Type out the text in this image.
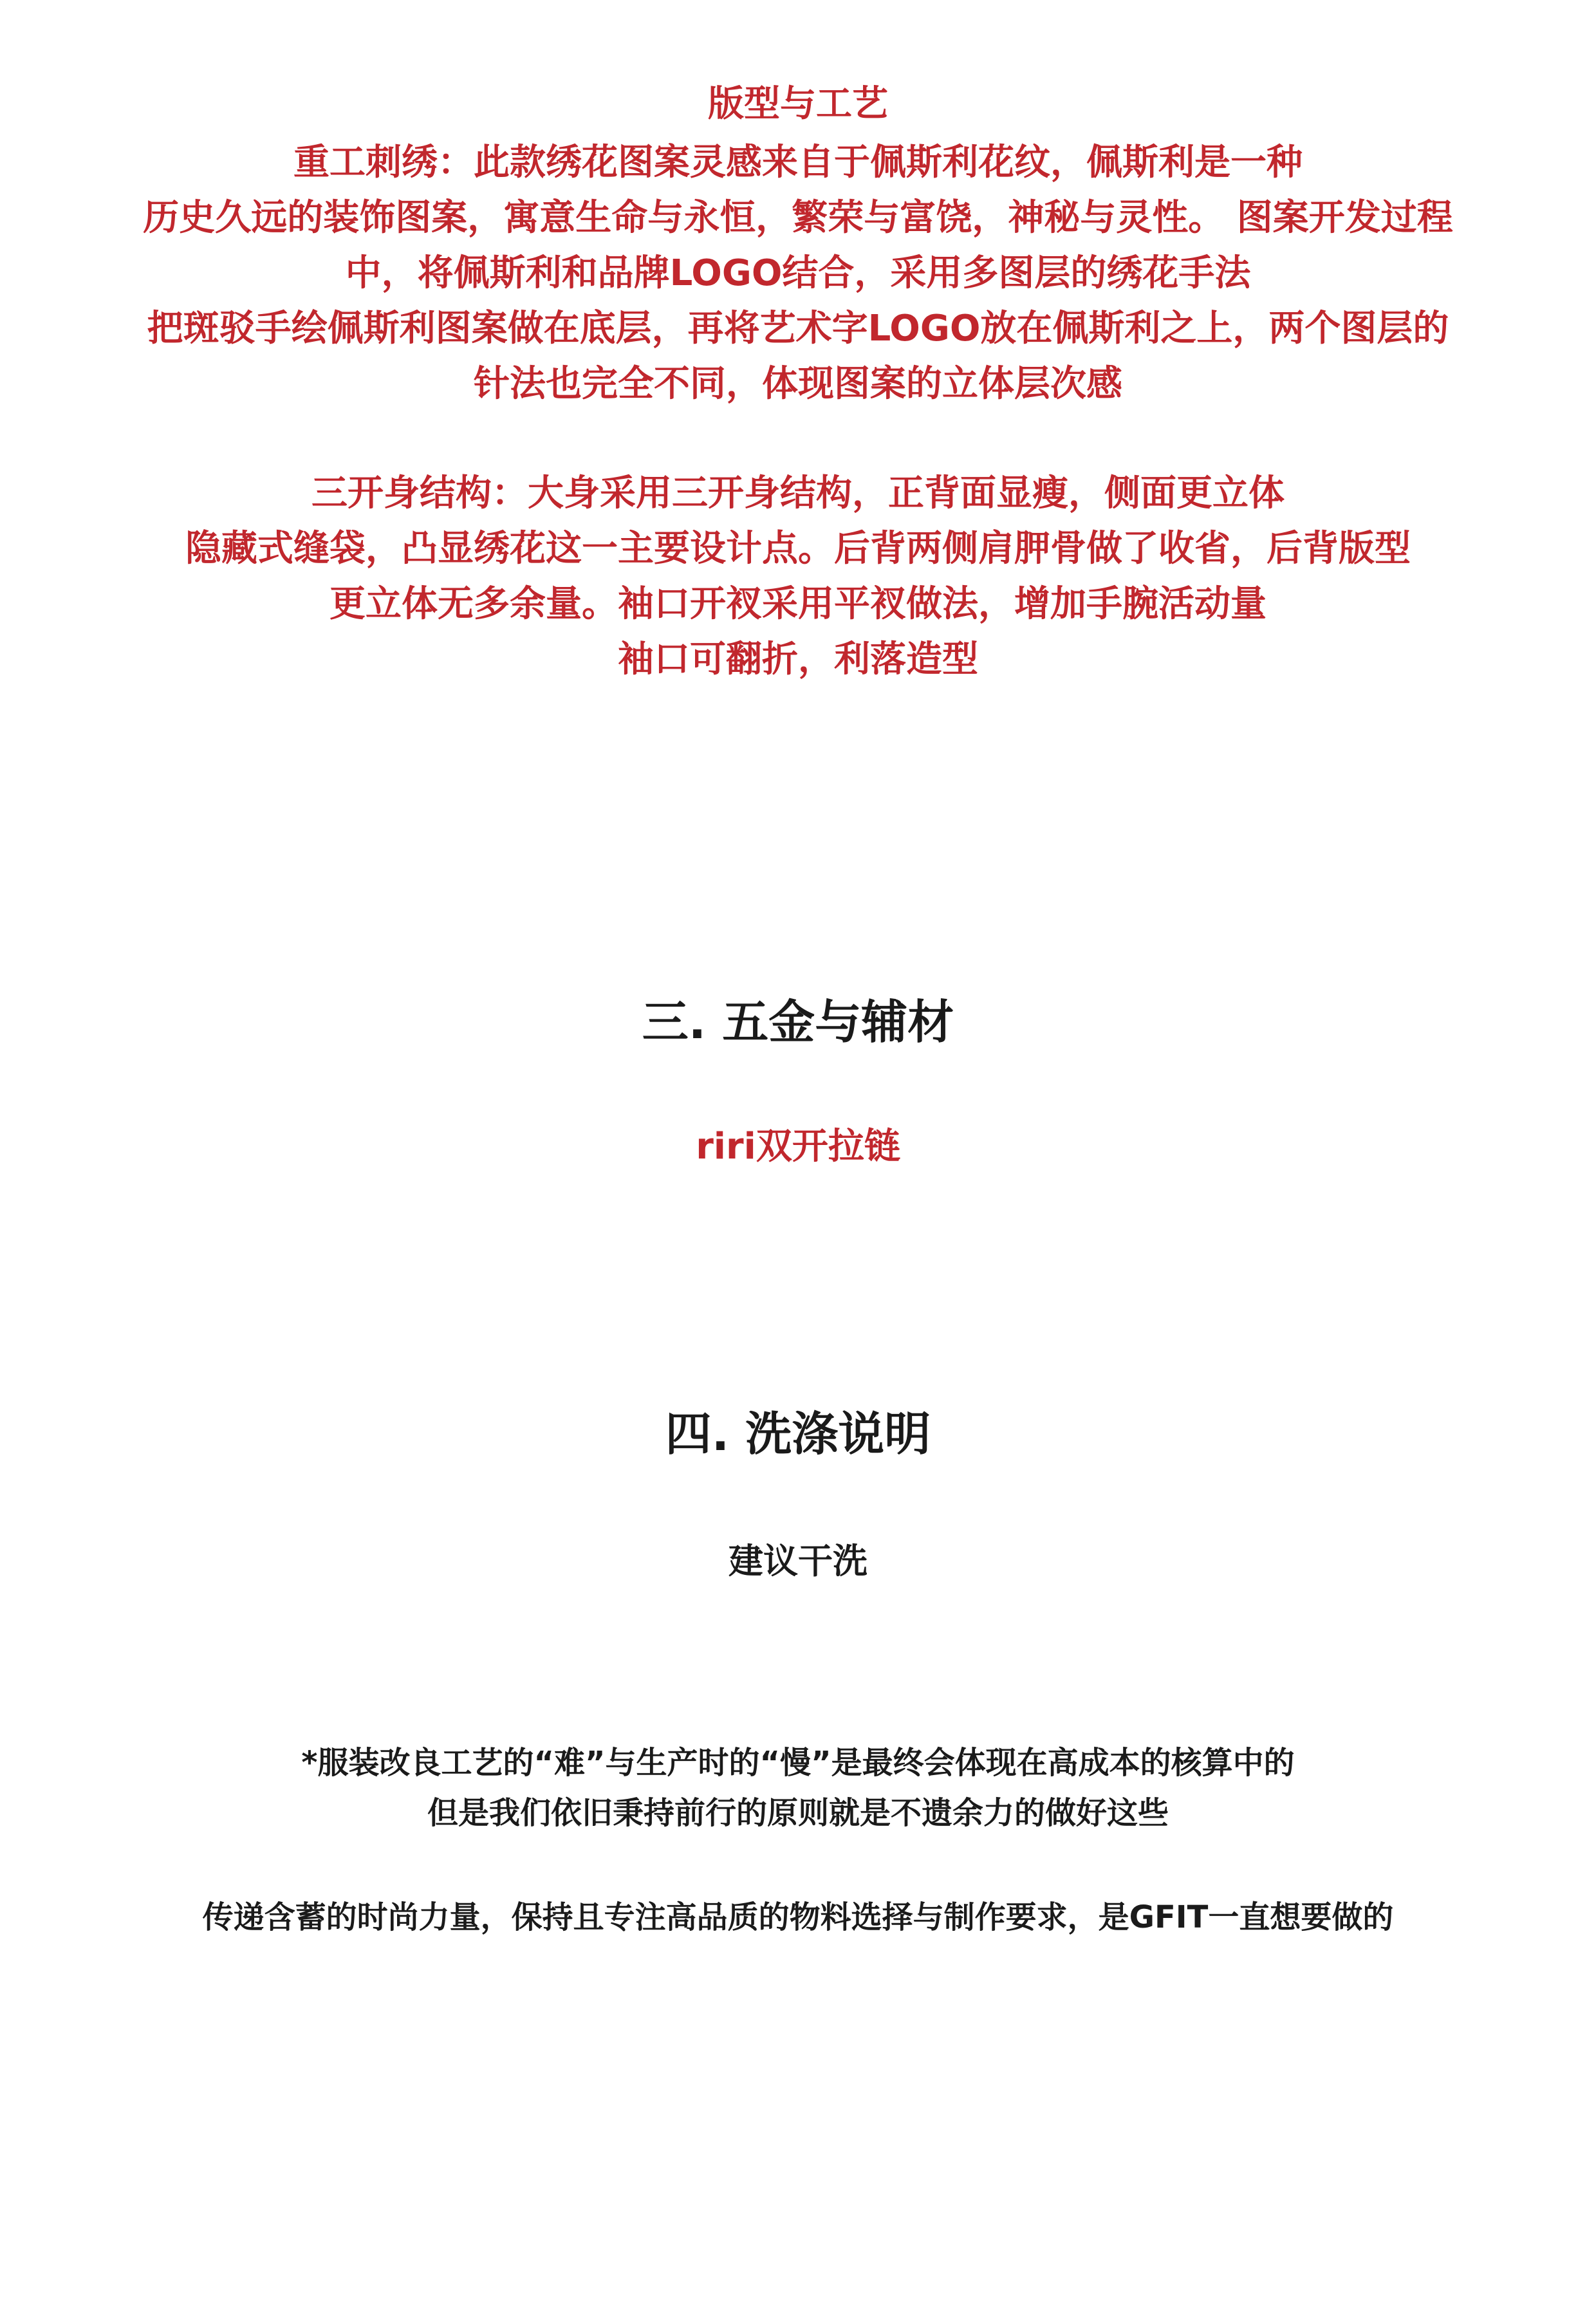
版型与工艺
重工刺绣：此款绣花图案灵感来自于佩斯利花纹，佩斯利是一种
历史久远的装饰图案，寓意生命与永恒，繁荣与富饶，神秘与灵性。 图案开发过程
中，将佩斯利和品牌LOGO结合，采用多图层的绣花手法
把斑驳手绘佩斯利图案做在底层，再将艺术字LOGO放在佩斯利之上，两个图层的
针法也完全不同，体现图案的立体层次感
三开身结构：大身采用三开身结构，正背面显瘦，侧面更立体
隐藏式缝袋，凸显绣花这一主要设计点。后背两侧肩胛骨做了收省，后背版型
更立体无多余量。袖口开衩采用平衩做法，增加手腕活动量
袖口可翻折，利落造型
三. 五金与辅材
riri双开拉链
四. 洗涤说明
建议干洗
*服装改良工艺的“难”与生产时的“慢”是最终会体现在高成本的核算中的
但是我们依旧秉持前行的原则就是不遗余力的做好这些
传递含蓄的时尚力量，保持且专注高品质的物料选择与制作要求，是GFIT一直想要做的
